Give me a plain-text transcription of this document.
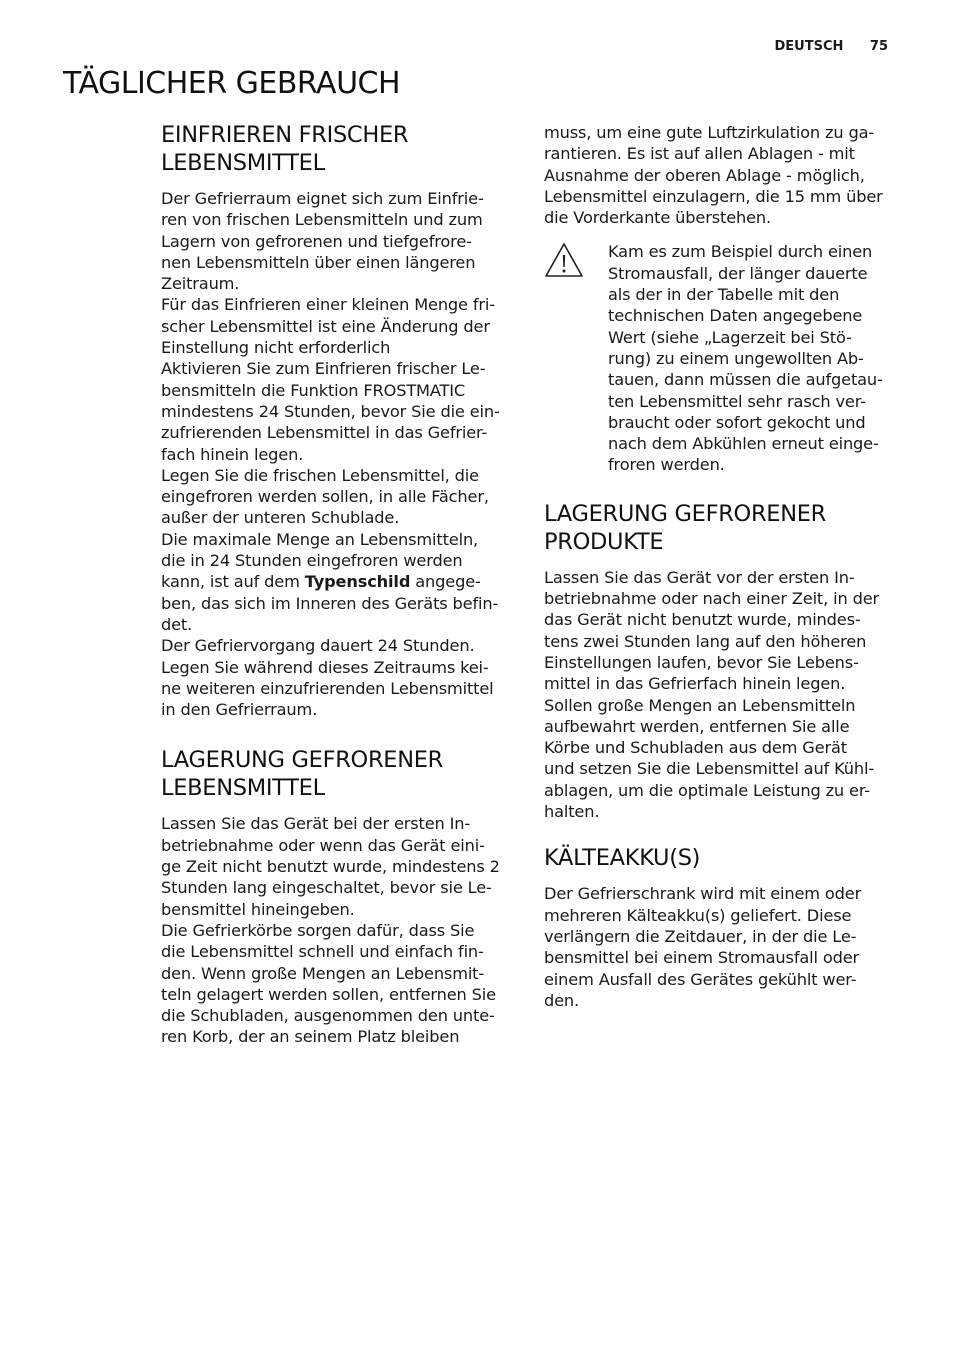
DEUTSCH 75
TÄGLICHER GEBRAUCH
EINFRIEREN FRISCHER
LEBENSMITTEL
Der Gefrierraum eignet sich zum Einfrie-
ren von frischen Lebensmitteln und zum
Lagern von gefrorenen und tiefgefrore-
nen Lebensmitteln über einen längeren
Zeitraum.
Für das Einfrieren einer kleinen Menge fri-
scher Lebensmittel ist eine Änderung der
Einstellung nicht erforderlich
Aktivieren Sie zum Einfrieren frischer Le-
bensmitteln die Funktion FROSTMATIC
mindestens 24 Stunden, bevor Sie die ein-
zufrierenden Lebensmittel in das Gefrier-
fach hinein legen.
Legen Sie die frischen Lebensmittel, die
eingefroren werden sollen, in alle Fächer,
außer der unteren Schublade.
Die maximale Menge an Lebensmitteln,
die in 24 Stunden eingefroren werden
kann, ist auf dem Typenschild angege-
ben, das sich im Inneren des Geräts befin-
det.
Der Gefriervorgang dauert 24 Stunden.
Legen Sie während dieses Zeitraums kei-
ne weiteren einzufrierenden Lebensmittel
in den Gefrierraum.
LAGERUNG GEFRORENER
LEBENSMITTEL
Lassen Sie das Gerät bei der ersten In-
betriebnahme oder wenn das Gerät eini-
ge Zeit nicht benutzt wurde, mindestens 2
Stunden lang eingeschaltet, bevor sie Le-
bensmittel hineingeben.
Die Gefrierkörbe sorgen dafür, dass Sie
die Lebensmittel schnell und einfach fin-
den. Wenn große Mengen an Lebensmit-
teln gelagert werden sollen, entfernen Sie
die Schubladen, ausgenommen den unte-
ren Korb, der an seinem Platz bleiben
muss, um eine gute Luftzirkulation zu ga-
rantieren. Es ist auf allen Ablagen - mit
Ausnahme der oberen Ablage - möglich,
Lebensmittel einzulagern, die 15 mm über
die Vorderkante überstehen.
Kam es zum Beispiel durch einen
Stromausfall, der länger dauerte
als der in der Tabelle mit den
technischen Daten angegebene
Wert (siehe „Lagerzeit bei Stö-
rung) zu einem ungewollten Ab-
tauen, dann müssen die aufgetau-
ten Lebensmittel sehr rasch ver-
braucht oder sofort gekocht und
nach dem Abkühlen erneut einge-
froren werden.
LAGERUNG GEFRORENER
PRODUKTE
Lassen Sie das Gerät vor der ersten In-
betriebnahme oder nach einer Zeit, in der
das Gerät nicht benutzt wurde, mindes-
tens zwei Stunden lang auf den höheren
Einstellungen laufen, bevor Sie Lebens-
mittel in das Gefrierfach hinein legen.
Sollen große Mengen an Lebensmitteln
aufbewahrt werden, entfernen Sie alle
Körbe und Schubladen aus dem Gerät
und setzen Sie die Lebensmittel auf Kühl-
ablagen, um die optimale Leistung zu er-
halten.
KÄLTEAKKU(S)
Der Gefrierschrank wird mit einem oder
mehreren Kälteakku(s) geliefert. Diese
verlängern die Zeitdauer, in der die Le-
bensmittel bei einem Stromausfall oder
einem Ausfall des Gerätes gekühlt wer-
den.
